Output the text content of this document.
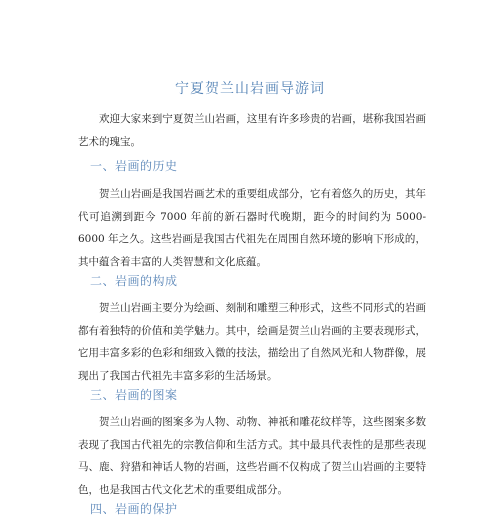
宁夏贺兰山岩画导游词

欢迎大家来到宁夏贺兰山岩画，这里有许多珍贵的岩画，堪称我国岩画艺术的瑰宝。

一、岩画的历史

贺兰山岩画是我国岩画艺术的重要组成部分，它有着悠久的历史，其年代可追溯到距今 7000 年前的新石器时代晚期，距今的时间约为 5000-6000 年之久。这些岩画是我国古代祖先在周围自然环境的影响下形成的，其中蕴含着丰富的人类智慧和文化底蕴。

二、岩画的构成

贺兰山岩画主要分为绘画、刻制和雕塑三种形式，这些不同形式的岩画都有着独特的价值和美学魅力。其中，绘画是贺兰山岩画的主要表现形式，它用丰富多彩的色彩和细致入微的技法，描绘出了自然风光和人物群像，展现出了我国古代祖先丰富多彩的生活场景。

三、岩画的图案

贺兰山岩画的图案多为人物、动物、神祇和雕花纹样等，这些图案多数表现了我国古代祖先的宗教信仰和生活方式。其中最具代表性的是那些表现马、鹿、狩猎和神话人物的岩画，这些岩画不仅构成了贺兰山岩画的主要特色，也是我国古代文化艺术的重要组成部分。

四、岩画的保护
